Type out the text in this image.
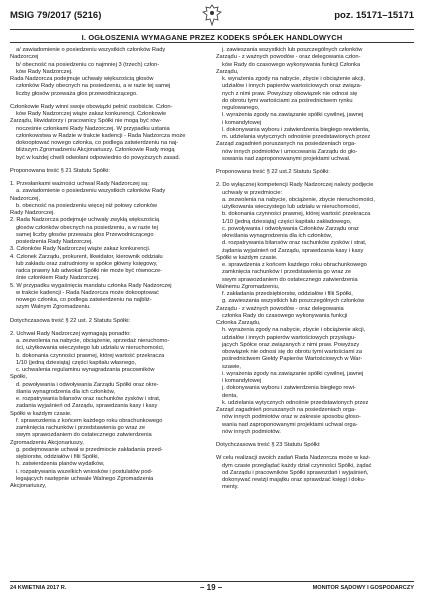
MSIG 79/2017 (5216)	poz. 15171–15171
I. OGŁOSZENIA WYMAGANE PRZEZ KODEKS SPÓŁEK HANDLOWYCH
a/ zawiadomienie o posiedzeniu wszystkich członków Rady
Nadzorczej
b/ obecność na posiedzeniu co najmniej 3 (trzech) człon-
ków Rady Nadzorczej.
Rada Nadzorcza podejmuje uchwały większością głosów
członków Rady obecnych na posiedzeniu, a w razie tej samej
liczby głosów przeważa głos przewodniczącego.
Członkowie Rady winni swoje obowiązki pełnić osobiście. Człon-
ków Rady Nadzorczej wiąże zakaz konkurencji. Członkowie
Zarządu, likwidatorzy i pracownicy Spółki nie mogą być rów-
nocześnie członkami Rady Nadzorczej. W przypadku ustania
członkowstwa w Radzie w trakcie kadencji - Rada Nadzorcza może
dokooptować nowego członka, co podlega zatwierdzeniu na naj-
bliższym Zgromadzeniu Akcjonariuszy. Członkowie Rady mogą
być w każdej chwili odwołani odpowiednio do powyższych zasad.
Proponowana treść § 21 Statutu Spółki:
1. Przesłankami ważności uchwał Rady Nadzorczej są:
a. zawiadomienie o posiedzeniu wszystkich członków Rady
Nadzorczej,
b. obecność na posiedzeniu więcej niż połowy członków
Rady Nadzorczej.
2. Rada Nadzorcza podejmuje uchwały zwykłą większością
głosów członków obecnych na posiedzeniu, a w razie tej
samej liczby głosów przeważa głos Przewodniczącego
posiedzenia Rady Nadzorczej.
3. Członków Rady Nadzorczej wiąże zakaz konkurencji.
4. Członek Zarządu, prokurent, likwidator, kierownik oddziału
lub zakładu oraz zatrudniony w spółce główny księgowy,
radca prawny lub adwokat Spółki nie może być równocze-
śnie członkiem Rady Nadzorczej.
5. W przypadku wygaśnięcia mandatu członka Rady Nadzorczej
w trakcie kadencji - Rada Nadzorcza może dokooptować
nowego członka, co podlega zatwierdzeniu na najbliż-
szym Walnym Zgromadzeniu.
Dotychczasowa treść § 22 ust. 2 Statutu Spółki:
2. Uchwał Rady Nadzorczej wymagają ponadto:
a. zezwolenia na nabycie, obciążenie, sprzedaż nieruchomo-
ści, użytkowania wieczystego lub udziału w nieruchomości,
b. dokonania czynności prawnej, której wartość przekracza
1/10 (jedną dziesiątą) części kapitału własnego,
c. uchwalenia regulaminu wynagradzania pracowników
Spółki,
d. powoływania i odwoływania Zarządu Spółki oraz okre-
ślania wynagrodzenia dla ich członków,
e. rozpatrywania bilansów oraz rachunków zysków i strat,
zadania wyjaśnień od Zarządu, sprawdzania kasy i kasy
Spółki w każdym czasie.
f. sprawozdenia z końcem każdego roku obrachunkowego
zamknięcia rachunków i przedstawienia go wraz ze
swym sprawozdaniem do ostatecznego zatwierdzenia
Zgromadzeniu Akcjonariuszy,
g. podejmowanie uchwał w przedmiocie zakładania przed-
siębiorstw, oddziałów i filii Spółki,
h. zatwierdzenia planów wydatków,
i. rozpatrywania wszelkich wniosków i postulatów pod-
legających następnie uchwale Walnego Zgromadzenia
Akcjonariuszy,
j. zawieszania wszystkich lub poszczególnych członków
Zarządu - z ważnych powodów - oraz delegowania człon-
ków Rady do czasowego wykonywania funkcji Członka
Zarządu,
k. wyrażenia zgody na nabycie, zbycie i obciążenie akcji,
udziałów i innych papierów wartościowych oraz związa-
nych z nimi praw. Powyższy obowiązek nie odnosi się
do obrotu tymi wartościami za pośrednictwem rynku
regulowanego,
l. wyrażenia zgody na zawiązanie spółki cywilnej, jawnej
i komandytowej
l. dokonywania wyboru i zatwierdzenia biegłego rewidenta,
m. udzielania wytycznych odnośnie przedstawionych przez
Zarząd zagadnień poruszanych na posiedzeniach orga-
nów innych podmiotów i umocowania Zarządu do gło-
sowania nad zaproponowanymi projektami uchwał.
Proponowana treść § 22 ust.2 Statutu Spółki:
2. Do wyłącznej kompetencji Rady Nadzorczej należy podjęcie
uchwały w przedmiocie:
a. zezwolenia na nabycie, obciążenie, zbycie nieruchomości,
użytkowania wieczystego lub udziału w nieruchomości,
b. dokonania czynności prawnej, której wartość przekracza
1/10 (jedną dziesiątą) części kapitału zakładowego,
c. powoływania i odwoływania Członków Zarządu oraz
określania wynagrodzenia dla ich członków,
d. rozpatrywania bilansów oraz rachunków zysków i strat,
żądania wyjaśnień od Zarządu, sprawdzania kasy i kasy
Spółki w każdym czasie.
e. sprawdzenia z końcem każdego roku obrachunkowego
zamknięcia rachunków i przedstawienia go wraz ze
swym sprawozdaniem do ostatecznego zatwierdzenia
Walnemu Zgromadzeniu,
f. zakładania przedsiębiorstw, oddziałów i filii Spółki,
g. zawieszania wszystkich lub poszczególnych członków
Zarządu - z ważnych powodów - oraz delegowania
członka Rady do czasowego wykonywania funkcji
Członka Zarządu,
h. wyrażenia zgody na nabycie, zbycie i obciążenie akcji,
udziałów i innych papierów wartościowych przysługu-
jących Spółce oraz związanych z nimi praw. Powyższy
obowiązek nie odnosi się do obrotu tymi wartościami za
pośrednictwem Giełdy Papierów Wartościowych w War-
szawie,
i. wyrażenia zgody na zawiązanie spółki cywilnej, jawnej
i komandytowej
j. dokonywania wyboru i zatwierdzenia biegłego rewi-
denta,
k. udzielania wytycznych odnośnie przedstawionych przez
Zarząd zagadnień poruszanych na posiedzeniach orga-
nów innych podmiotów oraz w zakresie sposobu głoso-
wania nad zaproponowanymi projektami uchwał orga-
nów innych podmiotów.
Dotychczasowa treść § 23 Statutu Spółki:
W celu realizacji swoich zadań Rada Nadzorcza może w każ-
dym czasie przeglądać każdy dział czynności Spółki, żądać
od Zarządu i pracowników Spółki sprawozdań i wyjaśnień,
dokonywać rewizji majątku oraz sprawdzać księgi i doku-
menty.
24 KWIETNIA 2017 R.	– 19 –	MONITOR SĄDOWY I GOSPODARCZY
